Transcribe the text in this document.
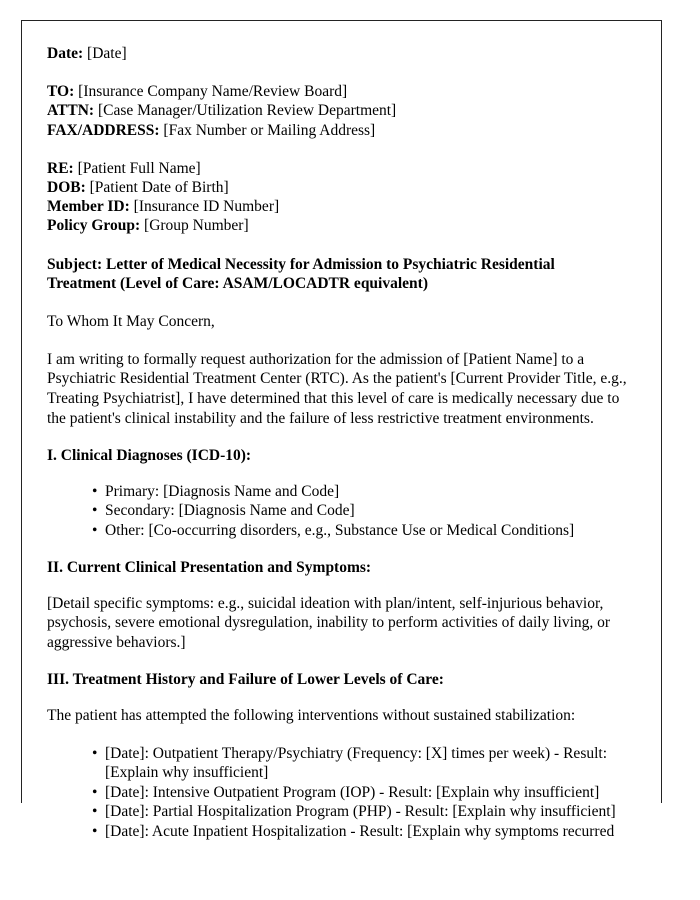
Date: [Date]
TO: [Insurance Company Name/Review Board]
ATTN: [Case Manager/Utilization Review Department]
FAX/ADDRESS: [Fax Number or Mailing Address]
RE: [Patient Full Name]
DOB: [Patient Date of Birth]
Member ID: [Insurance ID Number]
Policy Group: [Group Number]
Subject: Letter of Medical Necessity for Admission to Psychiatric Residential Treatment (Level of Care: ASAM/LOCADTR equivalent)
To Whom It May Concern,
I am writing to formally request authorization for the admission of [Patient Name] to a Psychiatric Residential Treatment Center (RTC). As the patient's [Current Provider Title, e.g., Treating Psychiatrist], I have determined that this level of care is medically necessary due to the patient's clinical instability and the failure of less restrictive treatment environments.
I. Clinical Diagnoses (ICD-10):
• Primary: [Diagnosis Name and Code]
• Secondary: [Diagnosis Name and Code]
• Other: [Co-occurring disorders, e.g., Substance Use or Medical Conditions]
II. Current Clinical Presentation and Symptoms:
[Detail specific symptoms: e.g., suicidal ideation with plan/intent, self-injurious behavior, psychosis, severe emotional dysregulation, inability to perform activities of daily living, or aggressive behaviors.]
III. Treatment History and Failure of Lower Levels of Care:
The patient has attempted the following interventions without sustained stabilization:
• [Date]: Outpatient Therapy/Psychiatry (Frequency: [X] times per week) - Result: [Explain why insufficient]
• [Date]: Intensive Outpatient Program (IOP) - Result: [Explain why insufficient]
• [Date]: Partial Hospitalization Program (PHP) - Result: [Explain why insufficient]
• [Date]: Acute Inpatient Hospitalization - Result: [Explain why symptoms recurred
